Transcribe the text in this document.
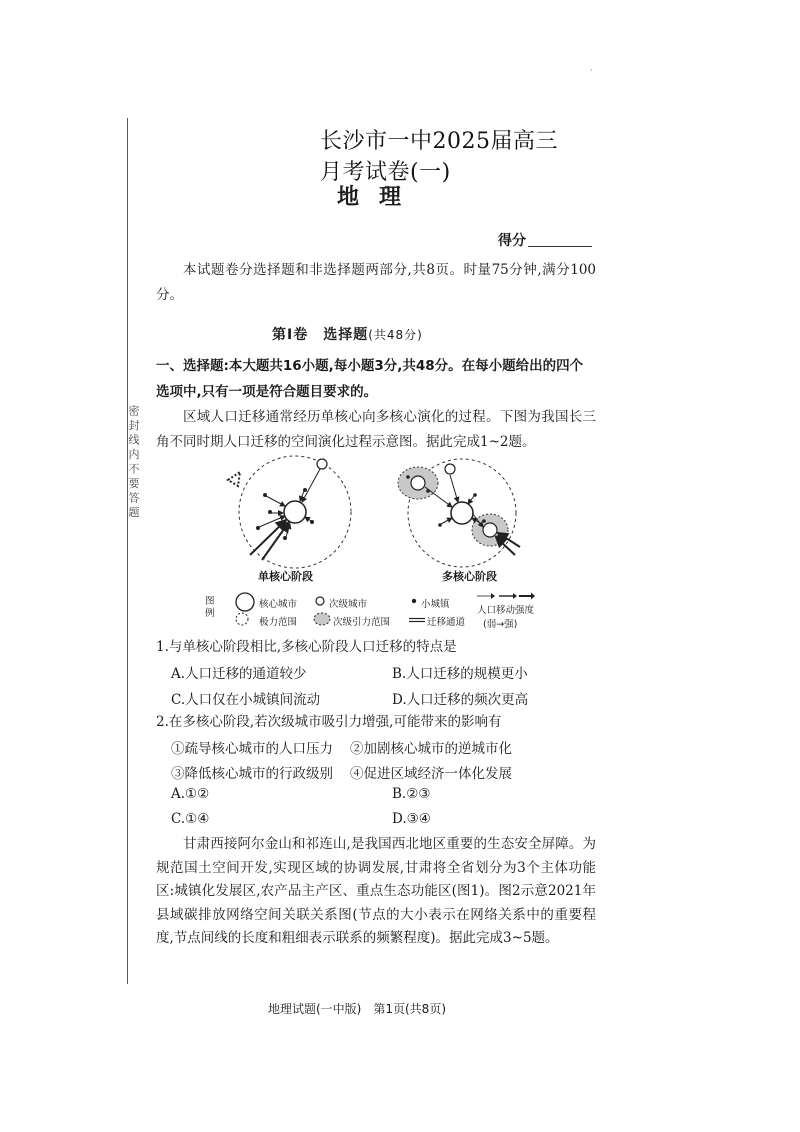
·
密 封 线 内 不 要 答 题
长沙市一中2025届高三月考试卷(一)
地理
得分

本试题卷分选择题和非选择题两部分,共8页。时量75分钟,满分100分。

第Ⅰ卷　选择题(共48分)

一、选择题:本大题共16小题,每小题3分,共48分。在每小题给出的四个选项中,只有一项是符合题目要求的。

区域人口迁移通常经历单核心向多核心演化的过程。下图为我国长三角不同时期人口迁移的空间演化过程示意图。据此完成1~2题。

单核心阶段	多核心阶段
图例
核心城市	次级城市	小城镇
人口移动强度
(弱→强)
极力范围	次级引力范围	迁移通道
1.与单核心阶段相比,多核心阶段人口迁移的特点是
A.人口迁移的通道较少	B.人口迁移的规模更小
C.人口仅在小城镇间流动	D.人口迁移的频次更高
2.在多核心阶段,若次级城市吸引力增强,可能带来的影响有
①疏导核心城市的人口压力 ②加剧核心城市的逆城市化
③降低核心城市的行政级别 ④促进区域经济一体化发展
A.①②	B.②③
C.①④	D.③④

甘肃西接阿尔金山和祁连山,是我国西北地区重要的生态安全屏障。为规范国土空间开发,实现区域的协调发展,甘肃将全省划分为3个主体功能区:城镇化发展区,农产品主产区、重点生态功能区(图1)。图2示意2021年县域碳排放网络空间关联关系图(节点的大小表示在网络关系中的重要程度,节点间线的长度和粗细表示联系的频繁程度)。据此完成3~5题。

地理试题(一中版)　第1页(共8页)
